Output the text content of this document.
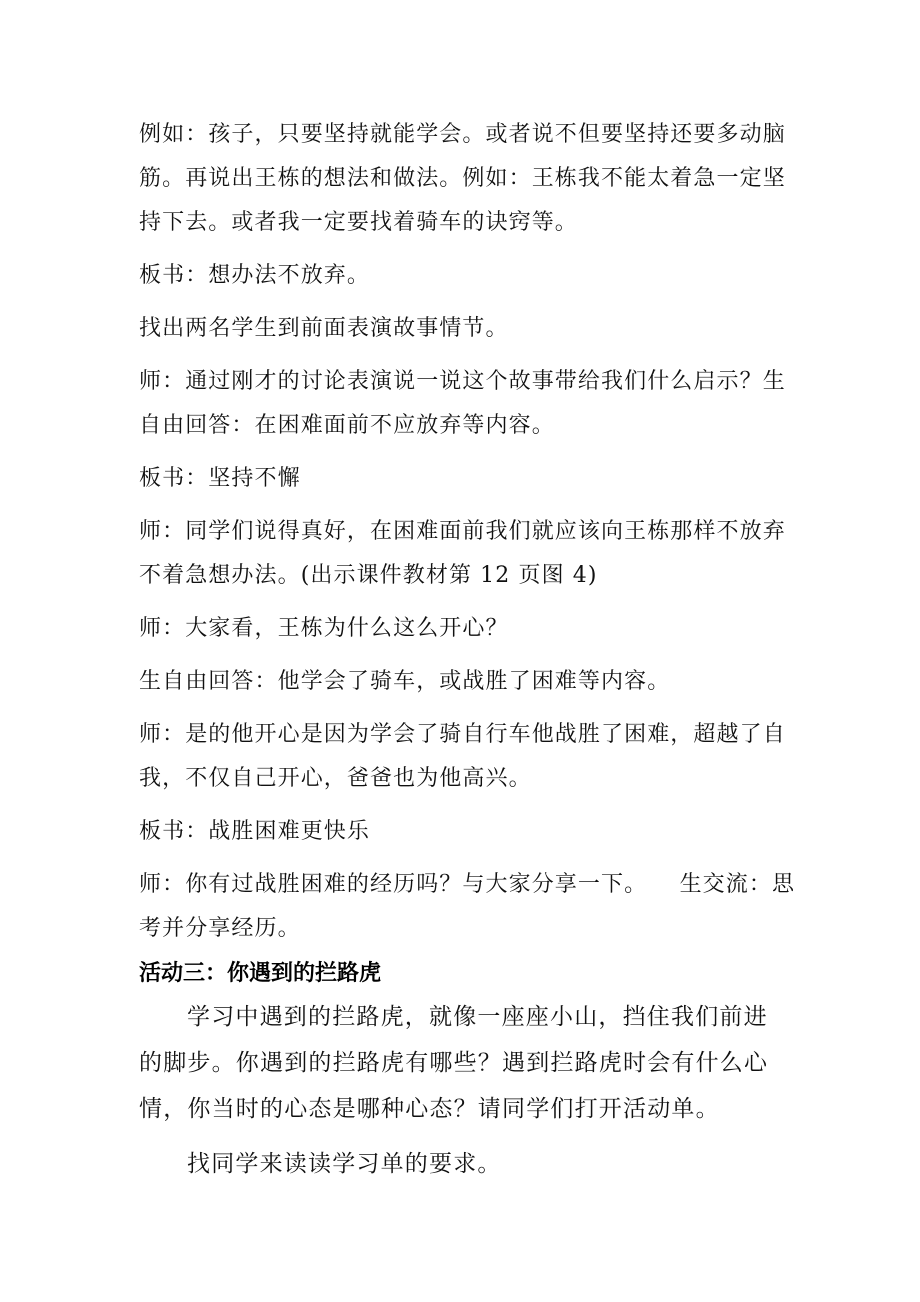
例如：孩子，只要坚持就能学会。或者说不但要坚持还要多动脑
筋。再说出王栋的想法和做法。例如：王栋我不能太着急一定坚
持下去。或者我一定要找着骑车的诀窍等。
板书：想办法不放弃。
找出两名学生到前面表演故事情节。
师：通过刚才的讨论表演说一说这个故事带给我们什么启示？生
自由回答：在困难面前不应放弃等内容。
板书：坚持不懈
师：同学们说得真好，在困难面前我们就应该向王栋那样不放弃
不着急想办法。(出示课件教材第 12 页图 4)
师：大家看，王栋为什么这么开心？
生自由回答：他学会了骑车，或战胜了困难等内容。
师：是的他开心是因为学会了骑自行车他战胜了困难，超越了自
我，不仅自己开心，爸爸也为他高兴。
板书：战胜困难更快乐
师：你有过战胜困难的经历吗？与大家分享一下。    生交流：思
考并分享经历。
活动三：你遇到的拦路虎
学习中遇到的拦路虎，就像一座座小山，挡住我们前进
的脚步。你遇到的拦路虎有哪些？遇到拦路虎时会有什么心
情，你当时的心态是哪种心态？请同学们打开活动单。
找同学来读读学习单的要求。
